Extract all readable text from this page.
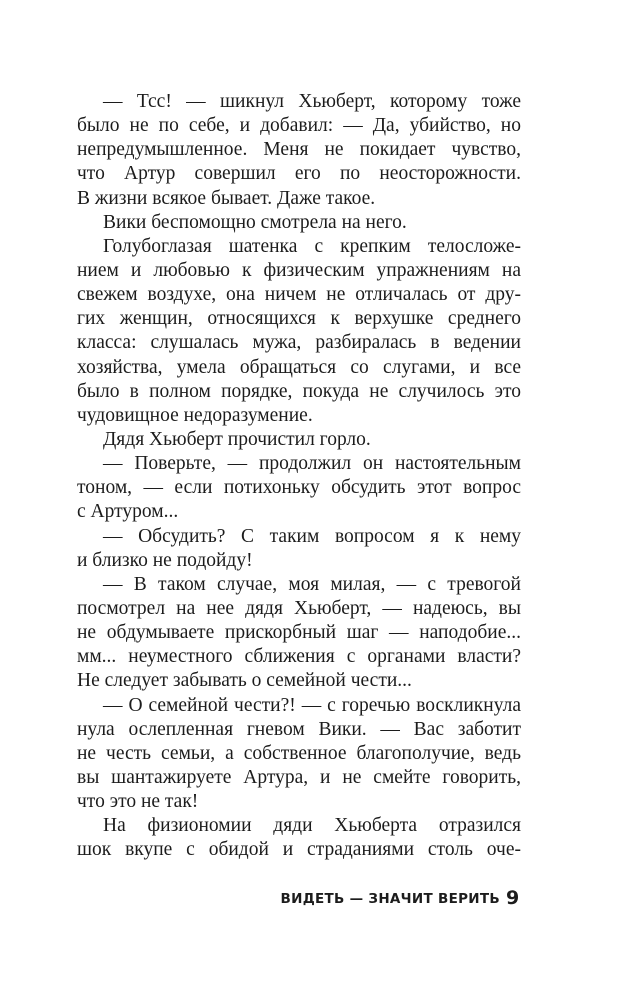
— Тсс! — шикнул Хьюберт, которому тоже
было не по себе, и добавил: — Да, убийство, но
непредумышленное. Меня не покидает чувство,
что Артур совершил его по неосторожности.
В жизни всякое бывает. Даже такое.
Вики беспомощно смотрела на него.
Голубоглазая шатенка с крепким телосложе-
нием и любовью к физическим упражнениям на
свежем воздухе, она ничем не отличалась от дру-
гих женщин, относящихся к верхушке среднего
класса: слушалась мужа, разбиралась в ведении
хозяйства, умела обращаться со слугами, и все
было в полном порядке, покуда не случилось это
чудовищное недоразумение.
Дядя Хьюберт прочистил горло.
— Поверьте, — продолжил он настоятельным
тоном, — если потихоньку обсудить этот вопрос
с Артуром...
— Обсудить? С таким вопросом я к нему
и близко не подойду!
— В таком случае, моя милая, — с тревогой
посмотрел на нее дядя Хьюберт, — надеюсь, вы
не обдумываете прискорбный шаг — наподобие...
мм... неуместного сближения с органами власти?
Не следует забывать о семейной чести...
— О семейной чести?! — с горечью воскликнула
нула ослепленная гневом Вики. — Вас заботит
не честь семьи, а собственное благополучие, ведь
вы шантажируете Артура, и не смейте говорить,
что это не так!
На физиономии дяди Хьюберта отразился
шок вкупе с обидой и страданиями столь оче-
ВИДЕТЬ — ЗНАЧИТ ВЕРИТЬ 9
